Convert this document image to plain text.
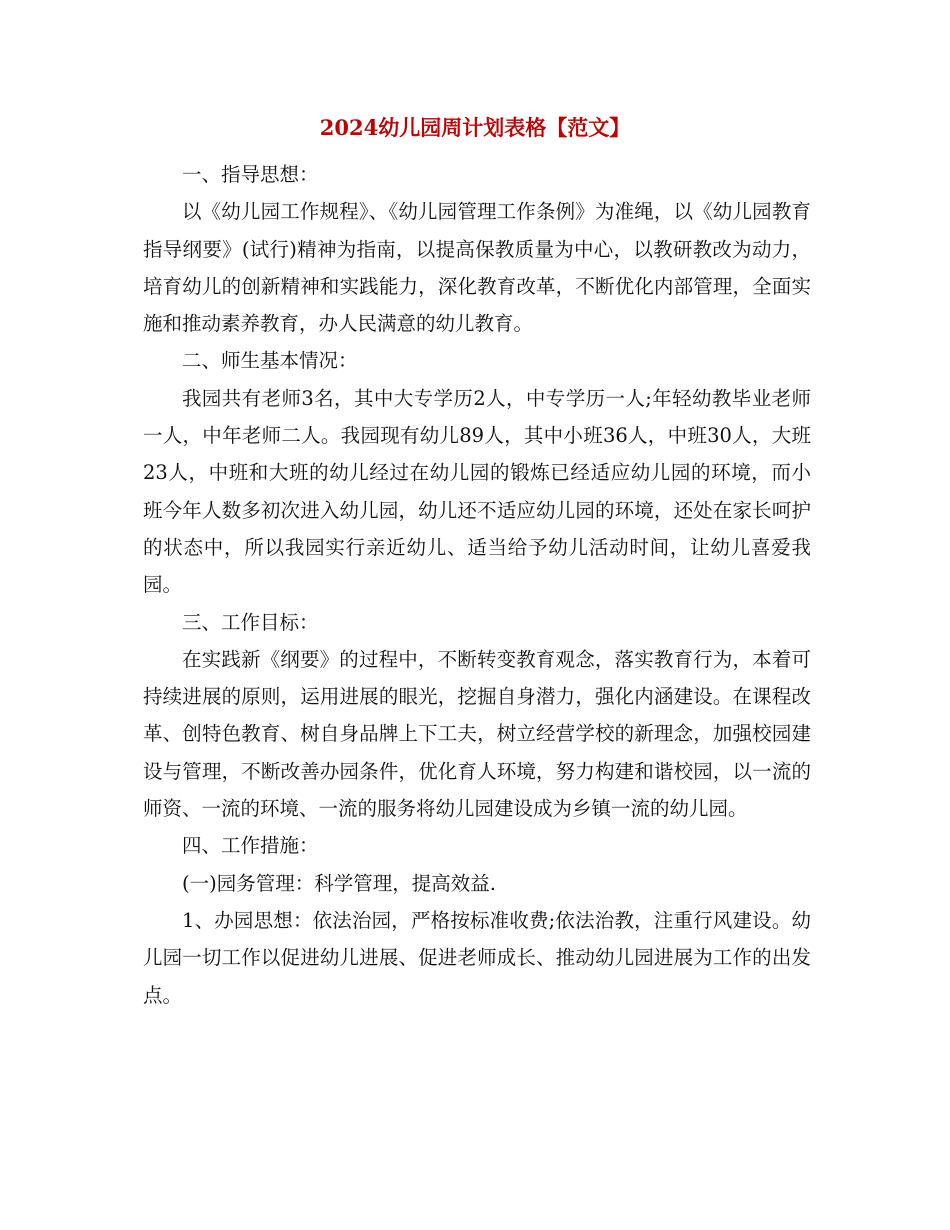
2024幼儿园周计划表格【范文】

一、指导思想：

以《幼儿园工作规程》、《幼儿园管理工作条例》为准绳，以《幼儿园教育指导纲要》(试行)精神为指南，以提高保教质量为中心，以教研教改为动力，培育幼儿的创新精神和实践能力，深化教育改革，不断优化内部管理，全面实施和推动素养教育，办人民满意的幼儿教育。

二、师生基本情况：

我园共有老师3名，其中大专学历2人，中专学历一人;年轻幼教毕业老师一人，中年老师二人。我园现有幼儿89人，其中小班36人，中班30人，大班23人，中班和大班的幼儿经过在幼儿园的锻炼已经适应幼儿园的环境，而小班今年人数多初次进入幼儿园，幼儿还不适应幼儿园的环境，还处在家长呵护的状态中，所以我园实行亲近幼儿、适当给予幼儿活动时间，让幼儿喜爱我园。

三、工作目标：

在实践新《纲要》的过程中，不断转变教育观念，落实教育行为，本着可持续进展的原则，运用进展的眼光，挖掘自身潜力，强化内涵建设。在课程改革、创特色教育、树自身品牌上下工夫，树立经营学校的新理念，加强校园建设与管理，不断改善办园条件，优化育人环境，努力构建和谐校园，以一流的师资、一流的环境、一流的服务将幼儿园建设成为乡镇一流的幼儿园。

四、工作措施：

(一)园务管理：科学管理，提高效益.

1、办园思想：依法治园，严格按标准收费;依法治教，注重行风建设。幼儿园一切工作以促进幼儿进展、促进老师成长、推动幼儿园进展为工作的出发点。
